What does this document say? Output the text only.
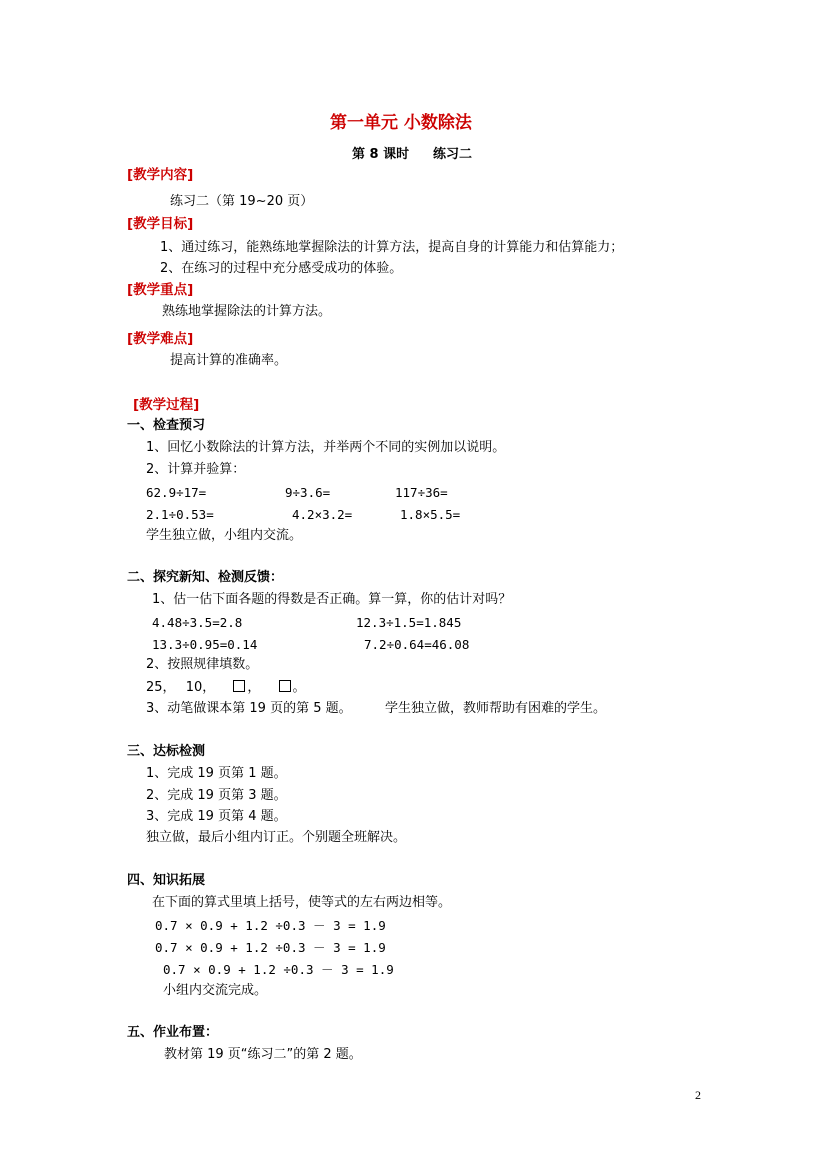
第一单元 小数除法
第 8 课时 练习二
[教学内容]
练习二（第 19~20 页）
[教学目标]
1、通过练习，能熟练地掌握除法的计算方法，提高自身的计算能力和估算能力；
2、在练习的过程中充分感受成功的体验。
[教学重点]
熟练地掌握除法的计算方法。
[教学难点]
提高计算的准确率。
[教学过程]
一、检查预习
1、回忆小数除法的计算方法，并举两个不同的实例加以说明。
2、计算并验算：
62.9÷17=	9÷3.6=	117÷36=
2.1÷0.53=	4.2×3.2=	1.8×5.5=
学生独立做，小组内交流。
二、探究新知、检测反馈：
1、估一估下面各题的得数是否正确。算一算，你的估计对吗？
4.48÷3.5=2.8	12.3÷1.5=1.845
13.3÷0.95=0.14	7.2÷0.64=46.08
2、按照规律填数。
25， 10， ， 。
3、动笔做课本第 19 页的第 5 题。	学生独立做，教师帮助有困难的学生。
三、达标检测
1、完成 19 页第 1 题。
2、完成 19 页第 3 题。
3、完成 19 页第 4 题。
独立做，最后小组内订正。个别题全班解决。
四、知识拓展
在下面的算式里填上括号，使等式的左右两边相等。
0.7 × 0.9 + 1.2 ÷0.3 － 3 = 1.9
0.7 × 0.9 + 1.2 ÷0.3 － 3 = 1.9
0.7 × 0.9 + 1.2 ÷0.3 － 3 = 1.9
小组内交流完成。
五、作业布置：
教材第 19 页“练习二”的第 2 题。
2
